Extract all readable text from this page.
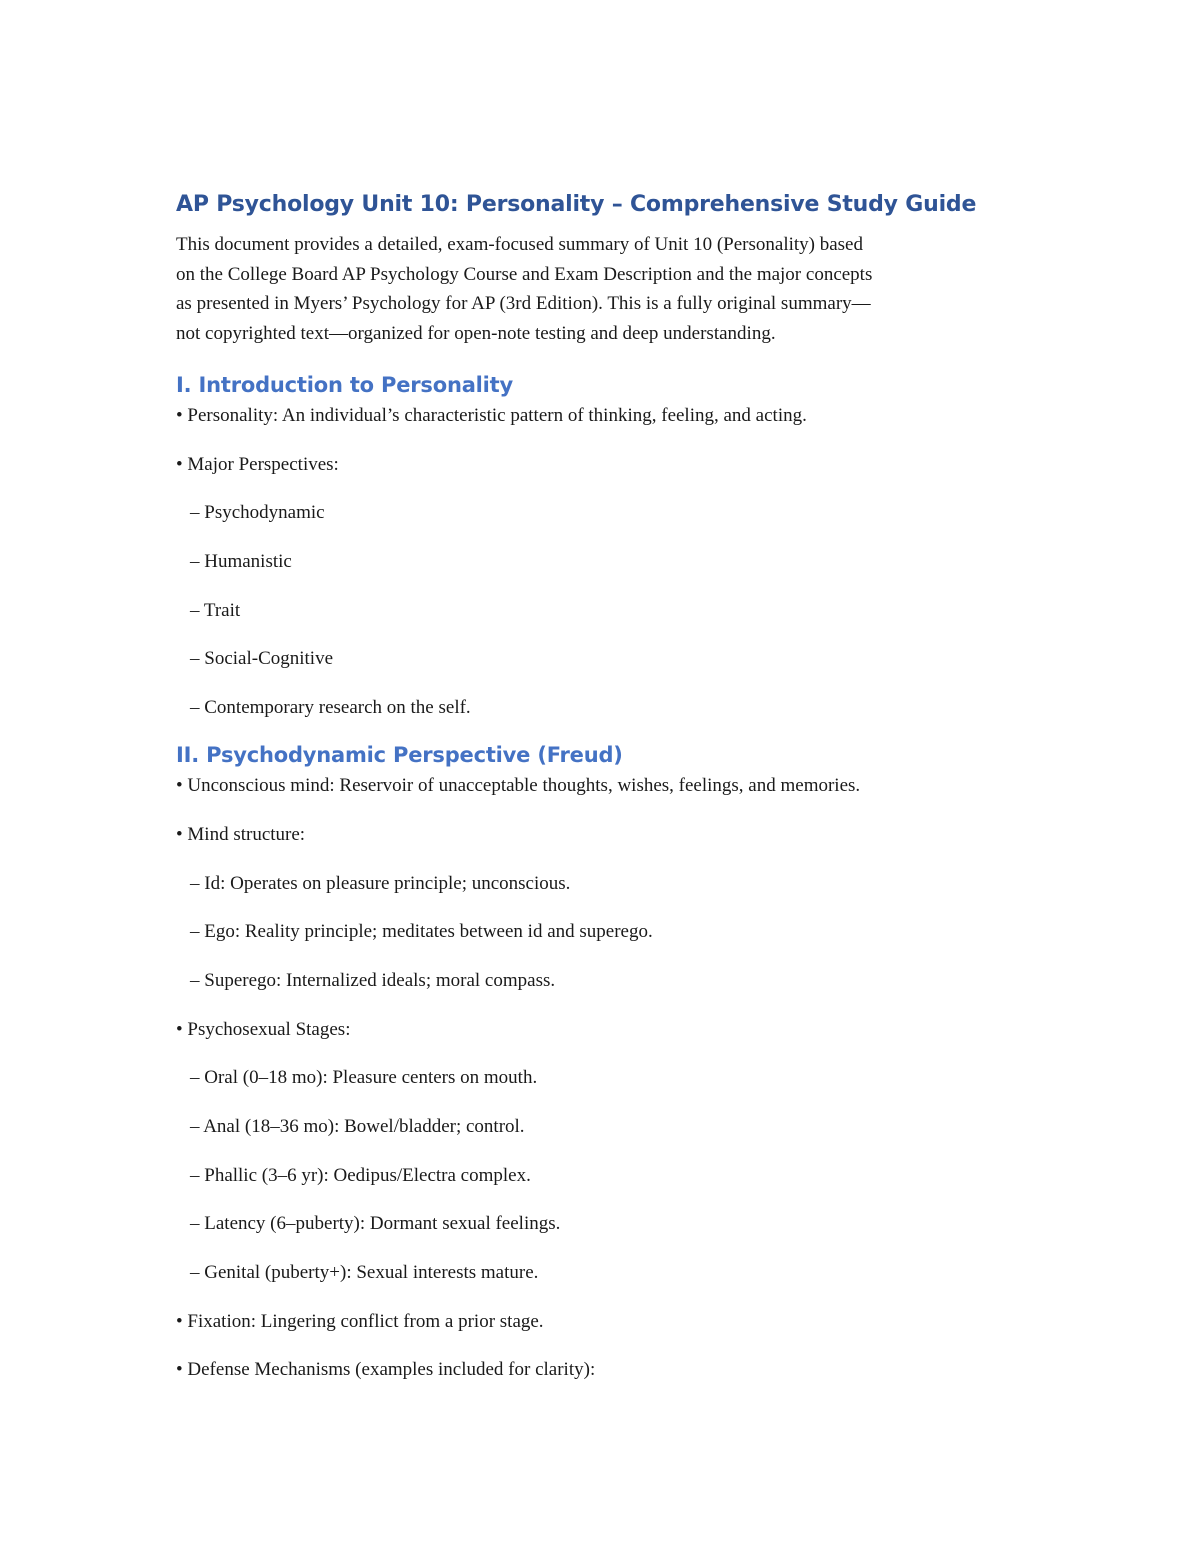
AP Psychology Unit 10: Personality – Comprehensive Study Guide
This document provides a detailed, exam-focused summary of Unit 10 (Personality) based
on the College Board AP Psychology Course and Exam Description and the major concepts
as presented in Myers’ Psychology for AP (3rd Edition). This is a fully original summary—
not copyrighted text—organized for open-note testing and deep understanding.
I. Introduction to Personality
• Personality: An individual’s characteristic pattern of thinking, feeling, and acting.
• Major Perspectives:
– Psychodynamic
– Humanistic
– Trait
– Social-Cognitive
– Contemporary research on the self.
II. Psychodynamic Perspective (Freud)
• Unconscious mind: Reservoir of unacceptable thoughts, wishes, feelings, and memories.
• Mind structure:
– Id: Operates on pleasure principle; unconscious.
– Ego: Reality principle; meditates between id and superego.
– Superego: Internalized ideals; moral compass.
• Psychosexual Stages:
– Oral (0–18 mo): Pleasure centers on mouth.
– Anal (18–36 mo): Bowel/bladder; control.
– Phallic (3–6 yr): Oedipus/Electra complex.
– Latency (6–puberty): Dormant sexual feelings.
– Genital (puberty+): Sexual interests mature.
• Fixation: Lingering conflict from a prior stage.
• Defense Mechanisms (examples included for clarity):
